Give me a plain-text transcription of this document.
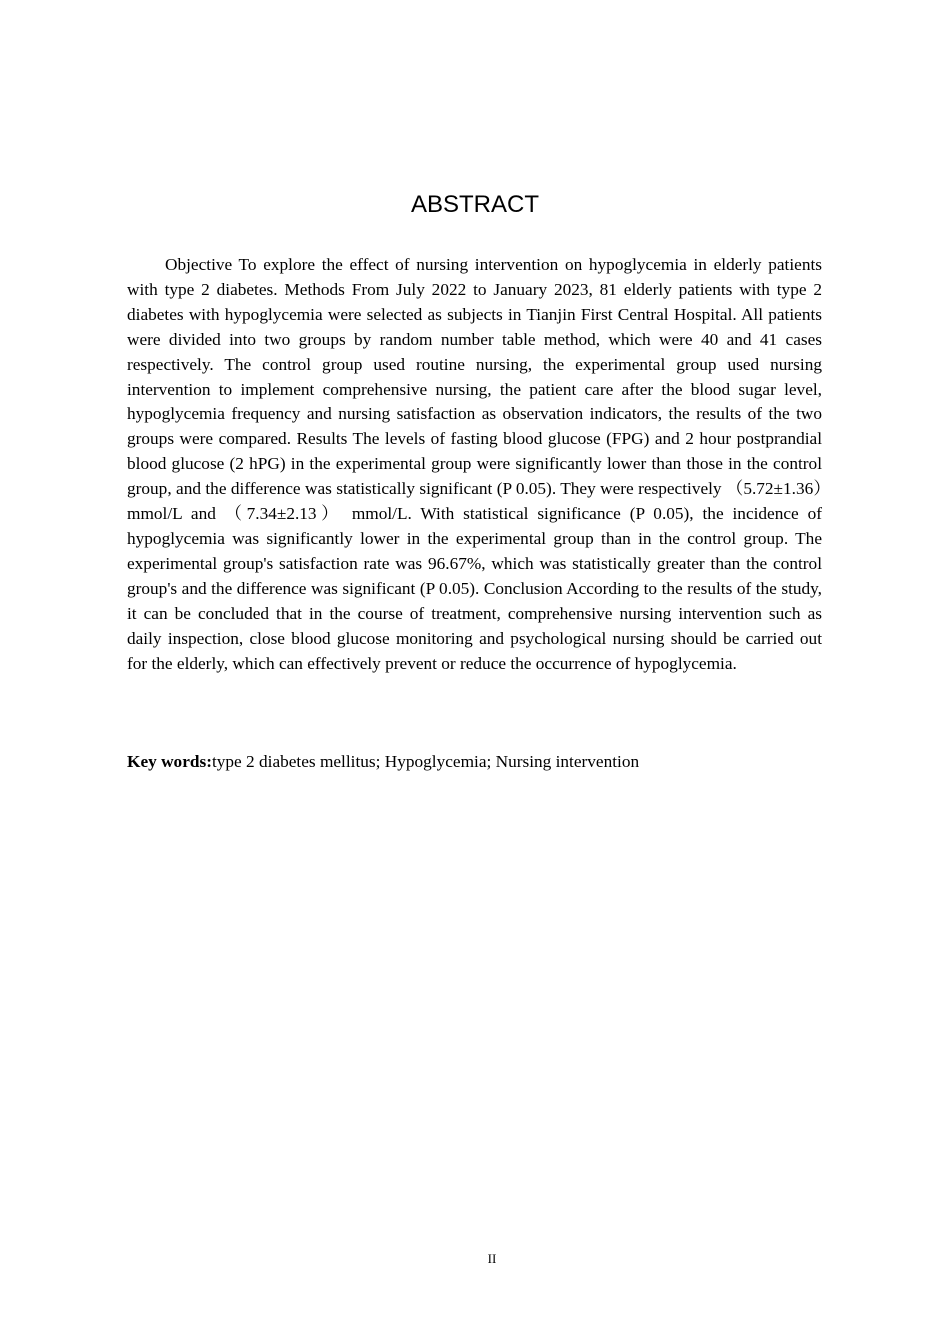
ABSTRACT

Objective To explore the effect of nursing intervention on hypoglycemia in elderly patients with type 2 diabetes. Methods From July 2022 to January 2023, 81 elderly patients with type 2 diabetes with hypoglycemia were selected as subjects in Tianjin First Central Hospital. All patients were divided into two groups by random number table method, which were 40 and 41 cases respectively. The control group used routine nursing, the experimental group used nursing intervention to implement comprehensive nursing, the patient care after the blood sugar level, hypoglycemia frequency and nursing satisfaction as observation indicators, the results of the two groups were compared. Results The levels of fasting blood glucose (FPG) and 2 hour postprandial blood glucose (2 hPG) in the experimental group were significantly lower than those in the control group, and the difference was statistically significant (P 0.05). They were respectively （5.72±1.36）mmol/L and （7.34±2.13） mmol/L. With statistical significance (P 0.05), the incidence of hypoglycemia was significantly lower in the experimental group than in the control group. The experimental group's satisfaction rate was 96.67%, which was statistically greater than the control group's and the difference was significant (P 0.05). Conclusion According to the results of the study, it can be concluded that in the course of treatment, comprehensive nursing intervention such as daily inspection, close blood glucose monitoring and psychological nursing should be carried out for the elderly, which can effectively prevent or reduce the occurrence of hypoglycemia.

Key words:type 2 diabetes mellitus; Hypoglycemia; Nursing intervention

II
